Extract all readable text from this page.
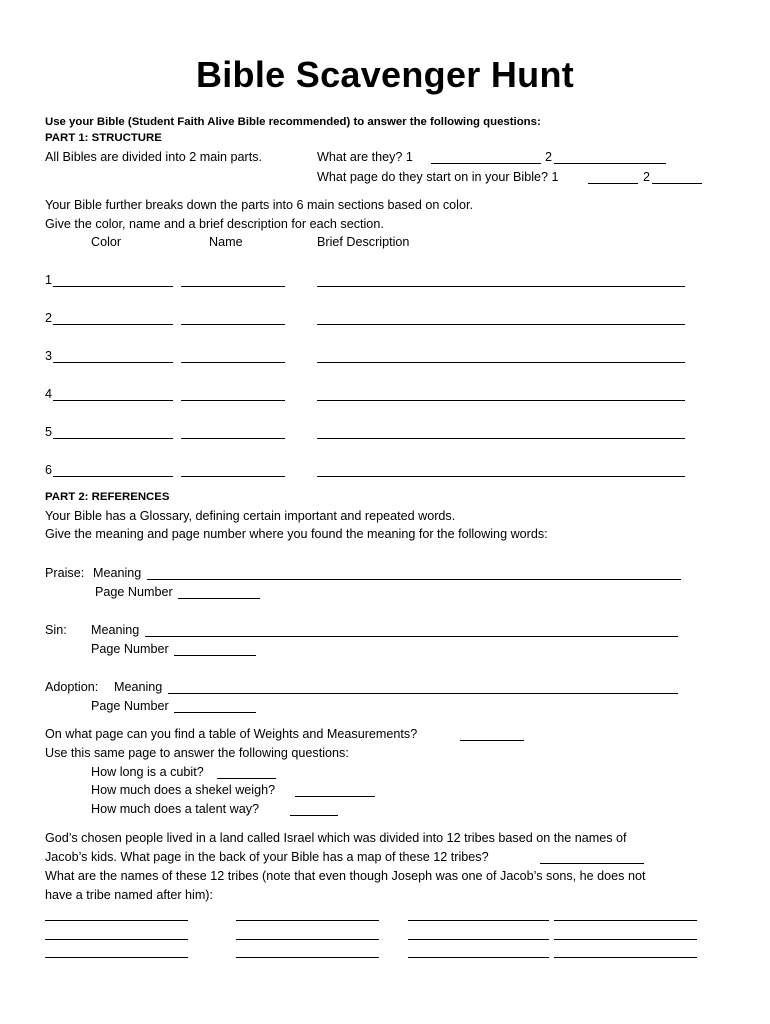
Bible Scavenger Hunt
Use your Bible (Student Faith Alive Bible recommended) to answer the following questions:
PART 1: STRUCTURE
All Bibles are divided into 2 main parts.	What are they? 1	2
What page do they start on in your Bible? 1	2
Your Bible further breaks down the parts into 6 main sections based on color.
Give the color, name and a brief description for each section.
Color	Name	Brief Description
1
2
3
4
5
6
PART 2: REFERENCES
Your Bible has a Glossary, defining certain important and repeated words.
Give the meaning and page number where you found the meaning for the following words:
Praise: Meaning
Page Number
Sin: Meaning
Page Number
Adoption: Meaning
Page Number
On what page can you find a table of Weights and Measurements?
Use this same page to answer the following questions:
How long is a cubit?
How much does a shekel weigh?
How much does a talent way?
God’s chosen people lived in a land called Israel which was divided into 12 tribes based on the names of
Jacob’s kids. What page in the back of your Bible has a map of these 12 tribes?
What are the names of these 12 tribes (note that even though Joseph was one of Jacob’s sons, he does not
have a tribe named after him):
